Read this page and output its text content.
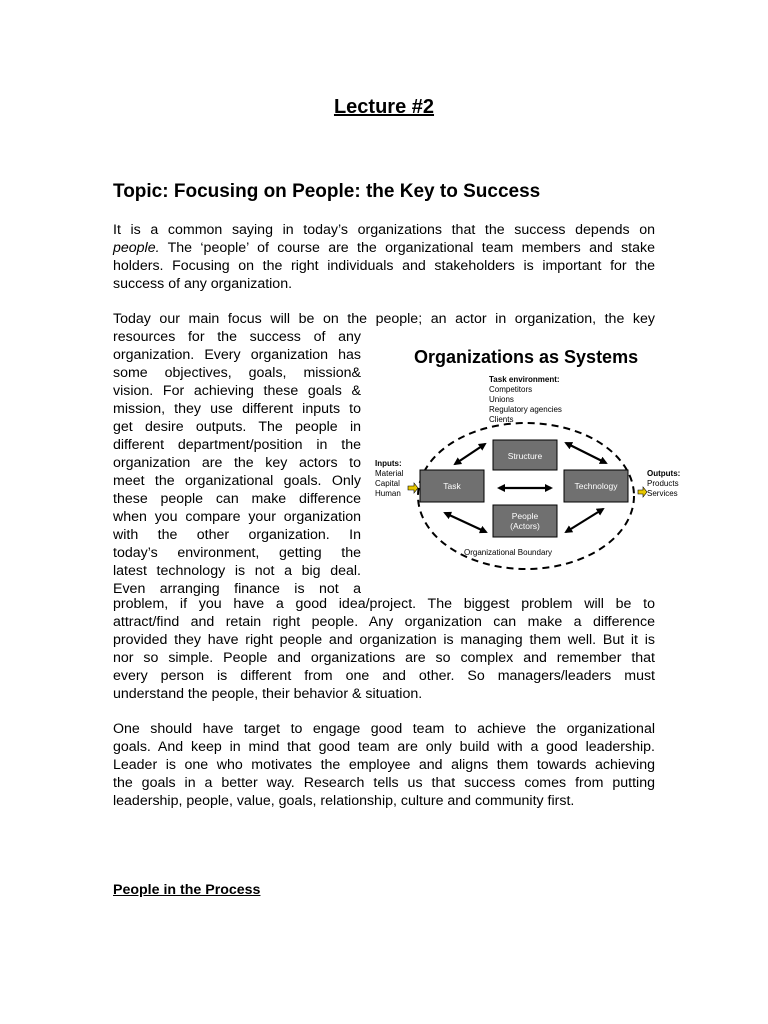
Lecture #2
Topic: Focusing on People: the Key to Success
It is a common saying in today’s organizations that the success depends on
people. The ‘people’ of course are the organizational team members and stake
holders. Focusing on the right individuals and stakeholders is important for the
success of any organization.
Today our main focus will be on the people; an actor in organization, the key
resources for the success of any
organization. Every organization has
some objectives, goals, mission&
vision. For achieving these goals &
mission, they use different inputs to
get desire outputs. The people in
different department/position in the
organization are the key actors to
meet the organizational goals. Only
these people can make difference
when you compare your organization
with the other organization. In
today’s environment, getting the
latest technology is not a big deal.
Even arranging finance is not a
problem, if you have a good idea/project. The biggest problem will be to
attract/find and retain right people. Any organization can make a difference
provided they have right people and organization is managing them well. But it is
nor so simple. People and organizations are so complex and remember that
every person is different from one and other. So managers/leaders must
understand the people, their behavior & situation.
One should have target to engage good team to achieve the organizational
goals. And keep in mind that good team are only build with a good leadership.
Leader is one who motivates the employee and aligns them towards achieving
the goals in a better way. Research tells us that success comes from putting
leadership, people, value, goals, relationship, culture and community first.
People in the Process
Organizations as Systems
Task environment:
Competitors
Unions
Regulatory agencies
Clients
Inputs:
Material
Capital
Human
Outputs:
Products
Services
Structure
Task	Technology
People
(Actors)
Organizational Boundary
